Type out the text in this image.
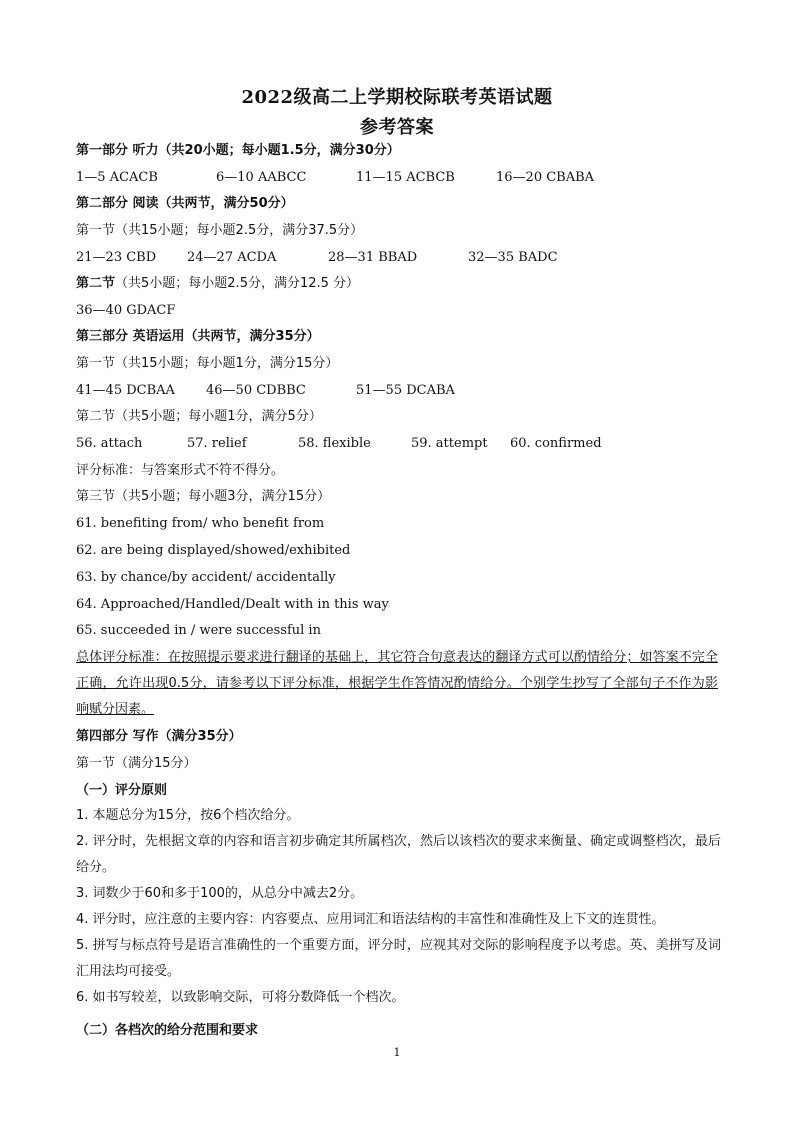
2022级高二上学期校际联考英语试题
参考答案
第一部分 听力（共20小题；每小题1.5分，满分30分）
1—5 ACACB	6—10 AABCC	11—15 ACBCB	16—20 CBABA
第二部分 阅读（共两节，满分50分）
第一节（共15小题；每小题2.5分，满分37.5分）
21—23 CBD 24—27 ACDA	28—31 BBAD	32—35 BADC
第二节（共5小题；每小题2.5分，满分12.5 分）
36—40 GDACF
第三部分 英语运用（共两节，满分35分）
第一节（共15小题；每小题1分，满分15分）
41—45 DCBAA 46—50 CDBBC	51—55 DCABA
第二节（共5小题；每小题1分，满分5分）
56. attach	57. relief	58. flexible	59. attempt 60. confirmed
评分标准：与答案形式不符不得分。
第三节（共5小题；每小题3分，满分15分）
61. benefiting from/ who benefit from
62. are being displayed/showed/exhibited
63. by chance/by accident/ accidentally
64. Approached/Handled/Dealt with in this way
65. succeeded in / were successful in
总体评分标准：在按照提示要求进行翻译的基础上，其它符合句意表达的翻译方式可以酌情给分；如答案不完全正确，允许出现0.5分，请参考以下评分标准，根据学生作答情况酌情给分。个别学生抄写了全部句子不作为影响赋分因素。
第四部分 写作（满分35分）
第一节（满分15分）
（一）评分原则
1. 本题总分为15分，按6个档次给分。
2. 评分时，先根据文章的内容和语言初步确定其所属档次，然后以该档次的要求来衡量、确定或调整档次，最后给分。
3. 词数少于60和多于100的，从总分中减去2分。
4. 评分时，应注意的主要内容：内容要点、应用词汇和语法结构的丰富性和准确性及上下文的连贯性。
5. 拼写与标点符号是语言准确性的一个重要方面，评分时，应视其对交际的影响程度予以考虑。英、美拼写及词汇用法均可接受。
6. 如书写较差，以致影响交际，可将分数降低一个档次。
（二）各档次的给分范围和要求
1
